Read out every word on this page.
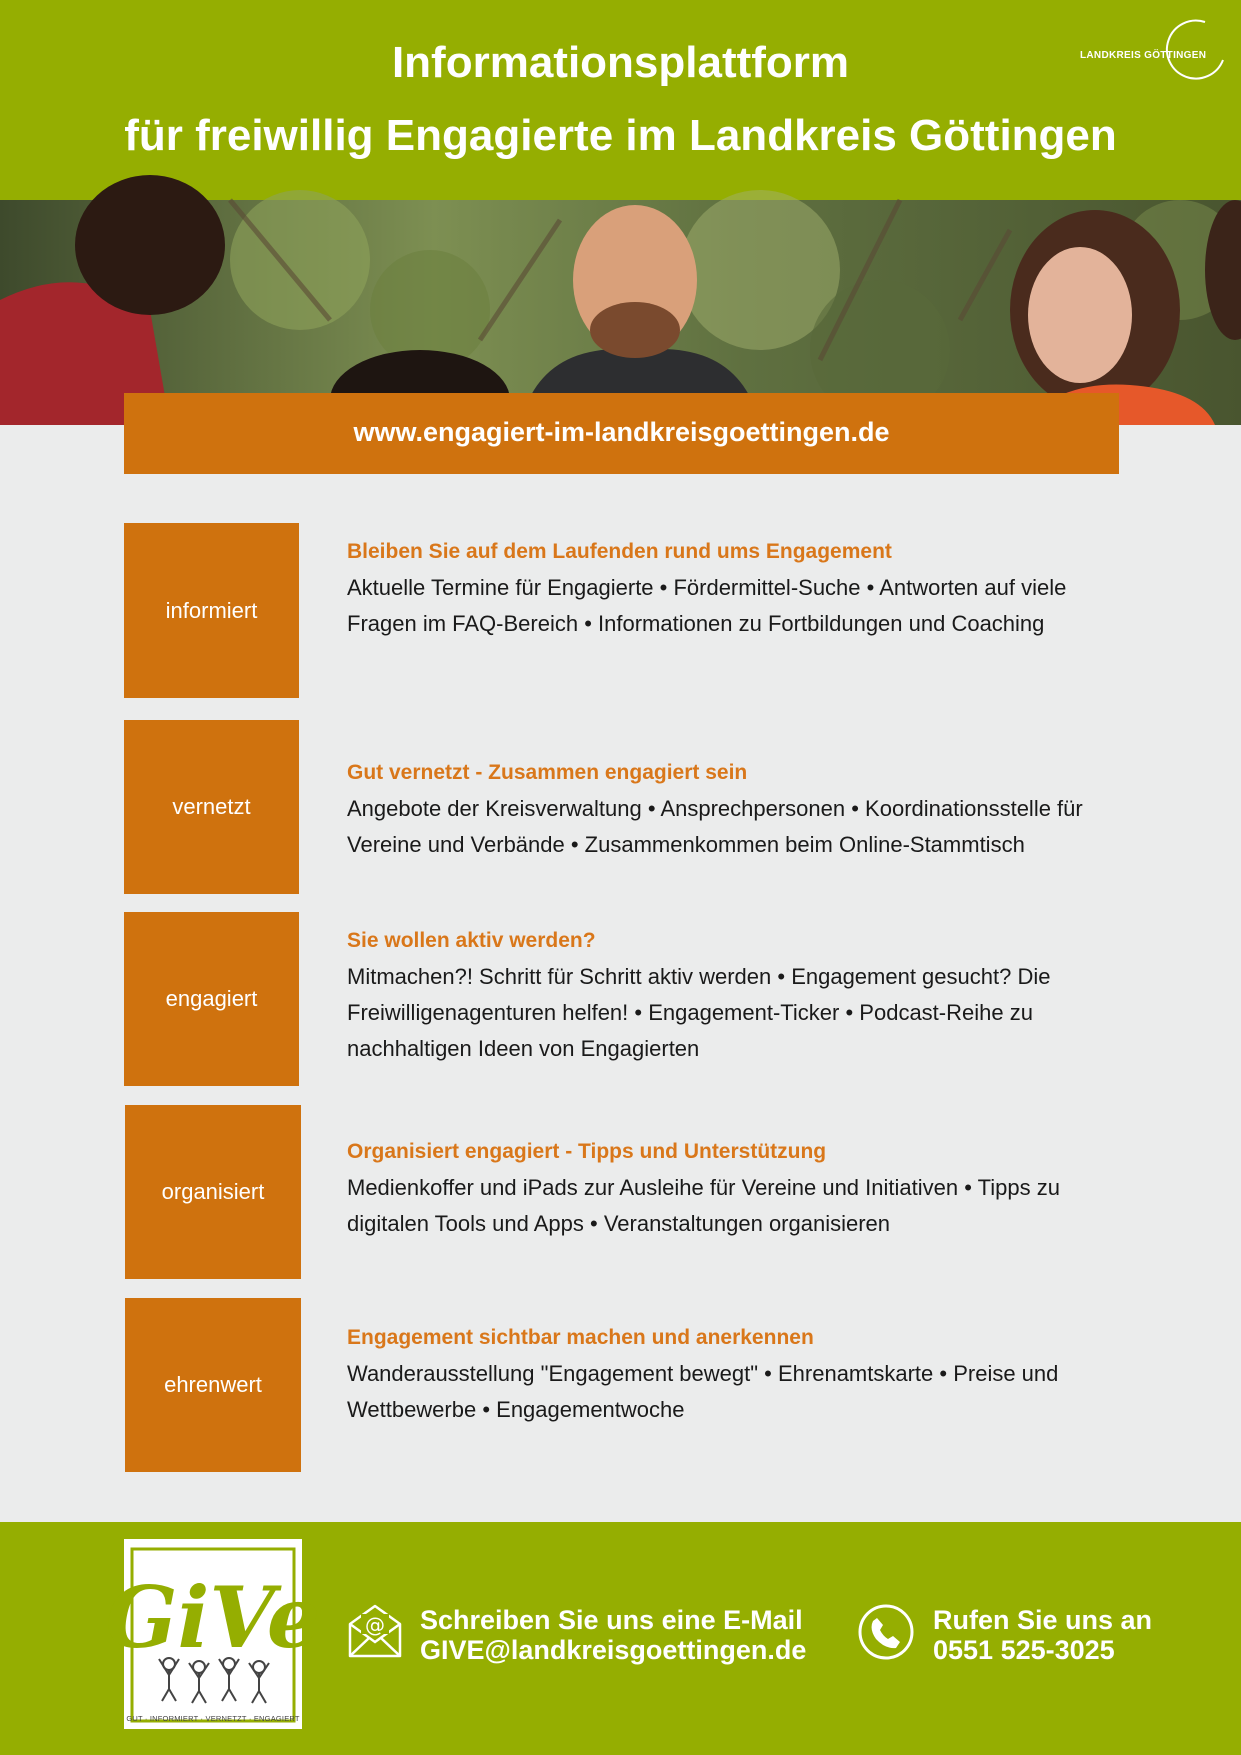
Informationsplattform
für freiwillig Engagierte im Landkreis Göttingen
LANDKREIS GÖTTINGEN
www.engagiert-im-landkreisgoettingen.de
informiert
Bleiben Sie auf dem Laufenden rund ums Engagement
Aktuelle Termine für Engagierte • Fördermittel-Suche • Antworten auf viele Fragen im FAQ-Bereich • Informationen zu Fortbildungen und Coaching
vernetzt
Gut vernetzt - Zusammen engagiert sein
Angebote der Kreisverwaltung • Ansprechpersonen • Koordinationsstelle für Vereine und Verbände • Zusammenkommen beim Online-Stammtisch
engagiert
Sie wollen aktiv werden?
Mitmachen?! Schritt für Schritt aktiv werden • Engagement gesucht? Die Freiwilligenagenturen helfen! • Engagement-Ticker • Podcast-Reihe zu nachhaltigen Ideen von Engagierten
organisiert
Organisiert engagiert - Tipps und Unterstützung
Medienkoffer und iPads zur Ausleihe für Vereine und Initiativen • Tipps zu digitalen Tools und Apps • Veranstaltungen organisieren
ehrenwert
Engagement sichtbar machen und anerkennen
Wanderausstellung "Engagement bewegt" • Ehrenamtskarte • Preise und Wettbewerbe • Engagementwoche
GiVe
GUT · INFORMIERT · VERNETZT · ENGAGIERT
@ Schreiben Sie uns eine E-Mail
GIVE@landkreisgoettingen.de
Rufen Sie uns an
0551 525-3025
